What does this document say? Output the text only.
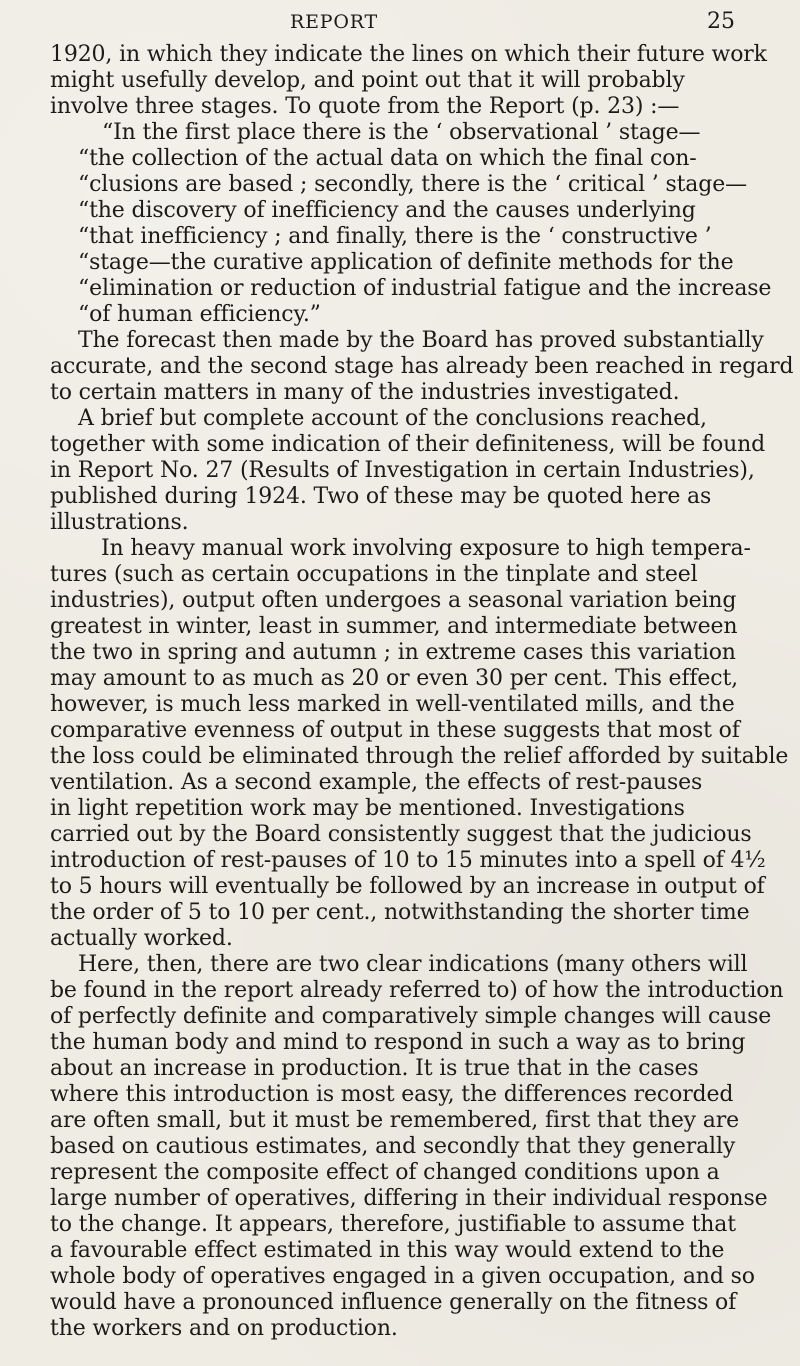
REPORT	25
1920, in which they indicate the lines on which their future work
might usefully develop, and point out that it will probably
involve three stages. To quote from the Report (p. 23) :—
“In the first place there is the ‘ observational ’ stage—
“the collection of the actual data on which the final con-
“clusions are based ; secondly, there is the ‘ critical ’ stage—
“the discovery of inefficiency and the causes underlying
“that inefficiency ; and finally, there is the ‘ constructive ’
“stage—the curative application of definite methods for the
“elimination or reduction of industrial fatigue and the increase
“of human efficiency.”
The forecast then made by the Board has proved substantially
accurate, and the second stage has already been reached in regard
to certain matters in many of the industries investigated.
A brief but complete account of the conclusions reached,
together with some indication of their definiteness, will be found
in Report No. 27 (Results of Investigation in certain Industries),
published during 1924. Two of these may be quoted here as
illustrations.
In heavy manual work involving exposure to high tempera-
tures (such as certain occupations in the tinplate and steel
industries), output often undergoes a seasonal variation being
greatest in winter, least in summer, and intermediate between
the two in spring and autumn ; in extreme cases this variation
may amount to as much as 20 or even 30 per cent. This effect,
however, is much less marked in well-ventilated mills, and the
comparative evenness of output in these suggests that most of
the loss could be eliminated through the relief afforded by suitable
ventilation. As a second example, the effects of rest-pauses
in light repetition work may be mentioned. Investigations
carried out by the Board consistently suggest that the judicious
introduction of rest-pauses of 10 to 15 minutes into a spell of 4½
to 5 hours will eventually be followed by an increase in output of
the order of 5 to 10 per cent., notwithstanding the shorter time
actually worked.
Here, then, there are two clear indications (many others will
be found in the report already referred to) of how the introduction
of perfectly definite and comparatively simple changes will cause
the human body and mind to respond in such a way as to bring
about an increase in production. It is true that in the cases
where this introduction is most easy, the differences recorded
are often small, but it must be remembered, first that they are
based on cautious estimates, and secondly that they generally
represent the composite effect of changed conditions upon a
large number of operatives, differing in their individual response
to the change. It appears, therefore, justifiable to assume that
a favourable effect estimated in this way would extend to the
whole body of operatives engaged in a given occupation, and so
would have a pronounced influence generally on the fitness of
the workers and on production.
